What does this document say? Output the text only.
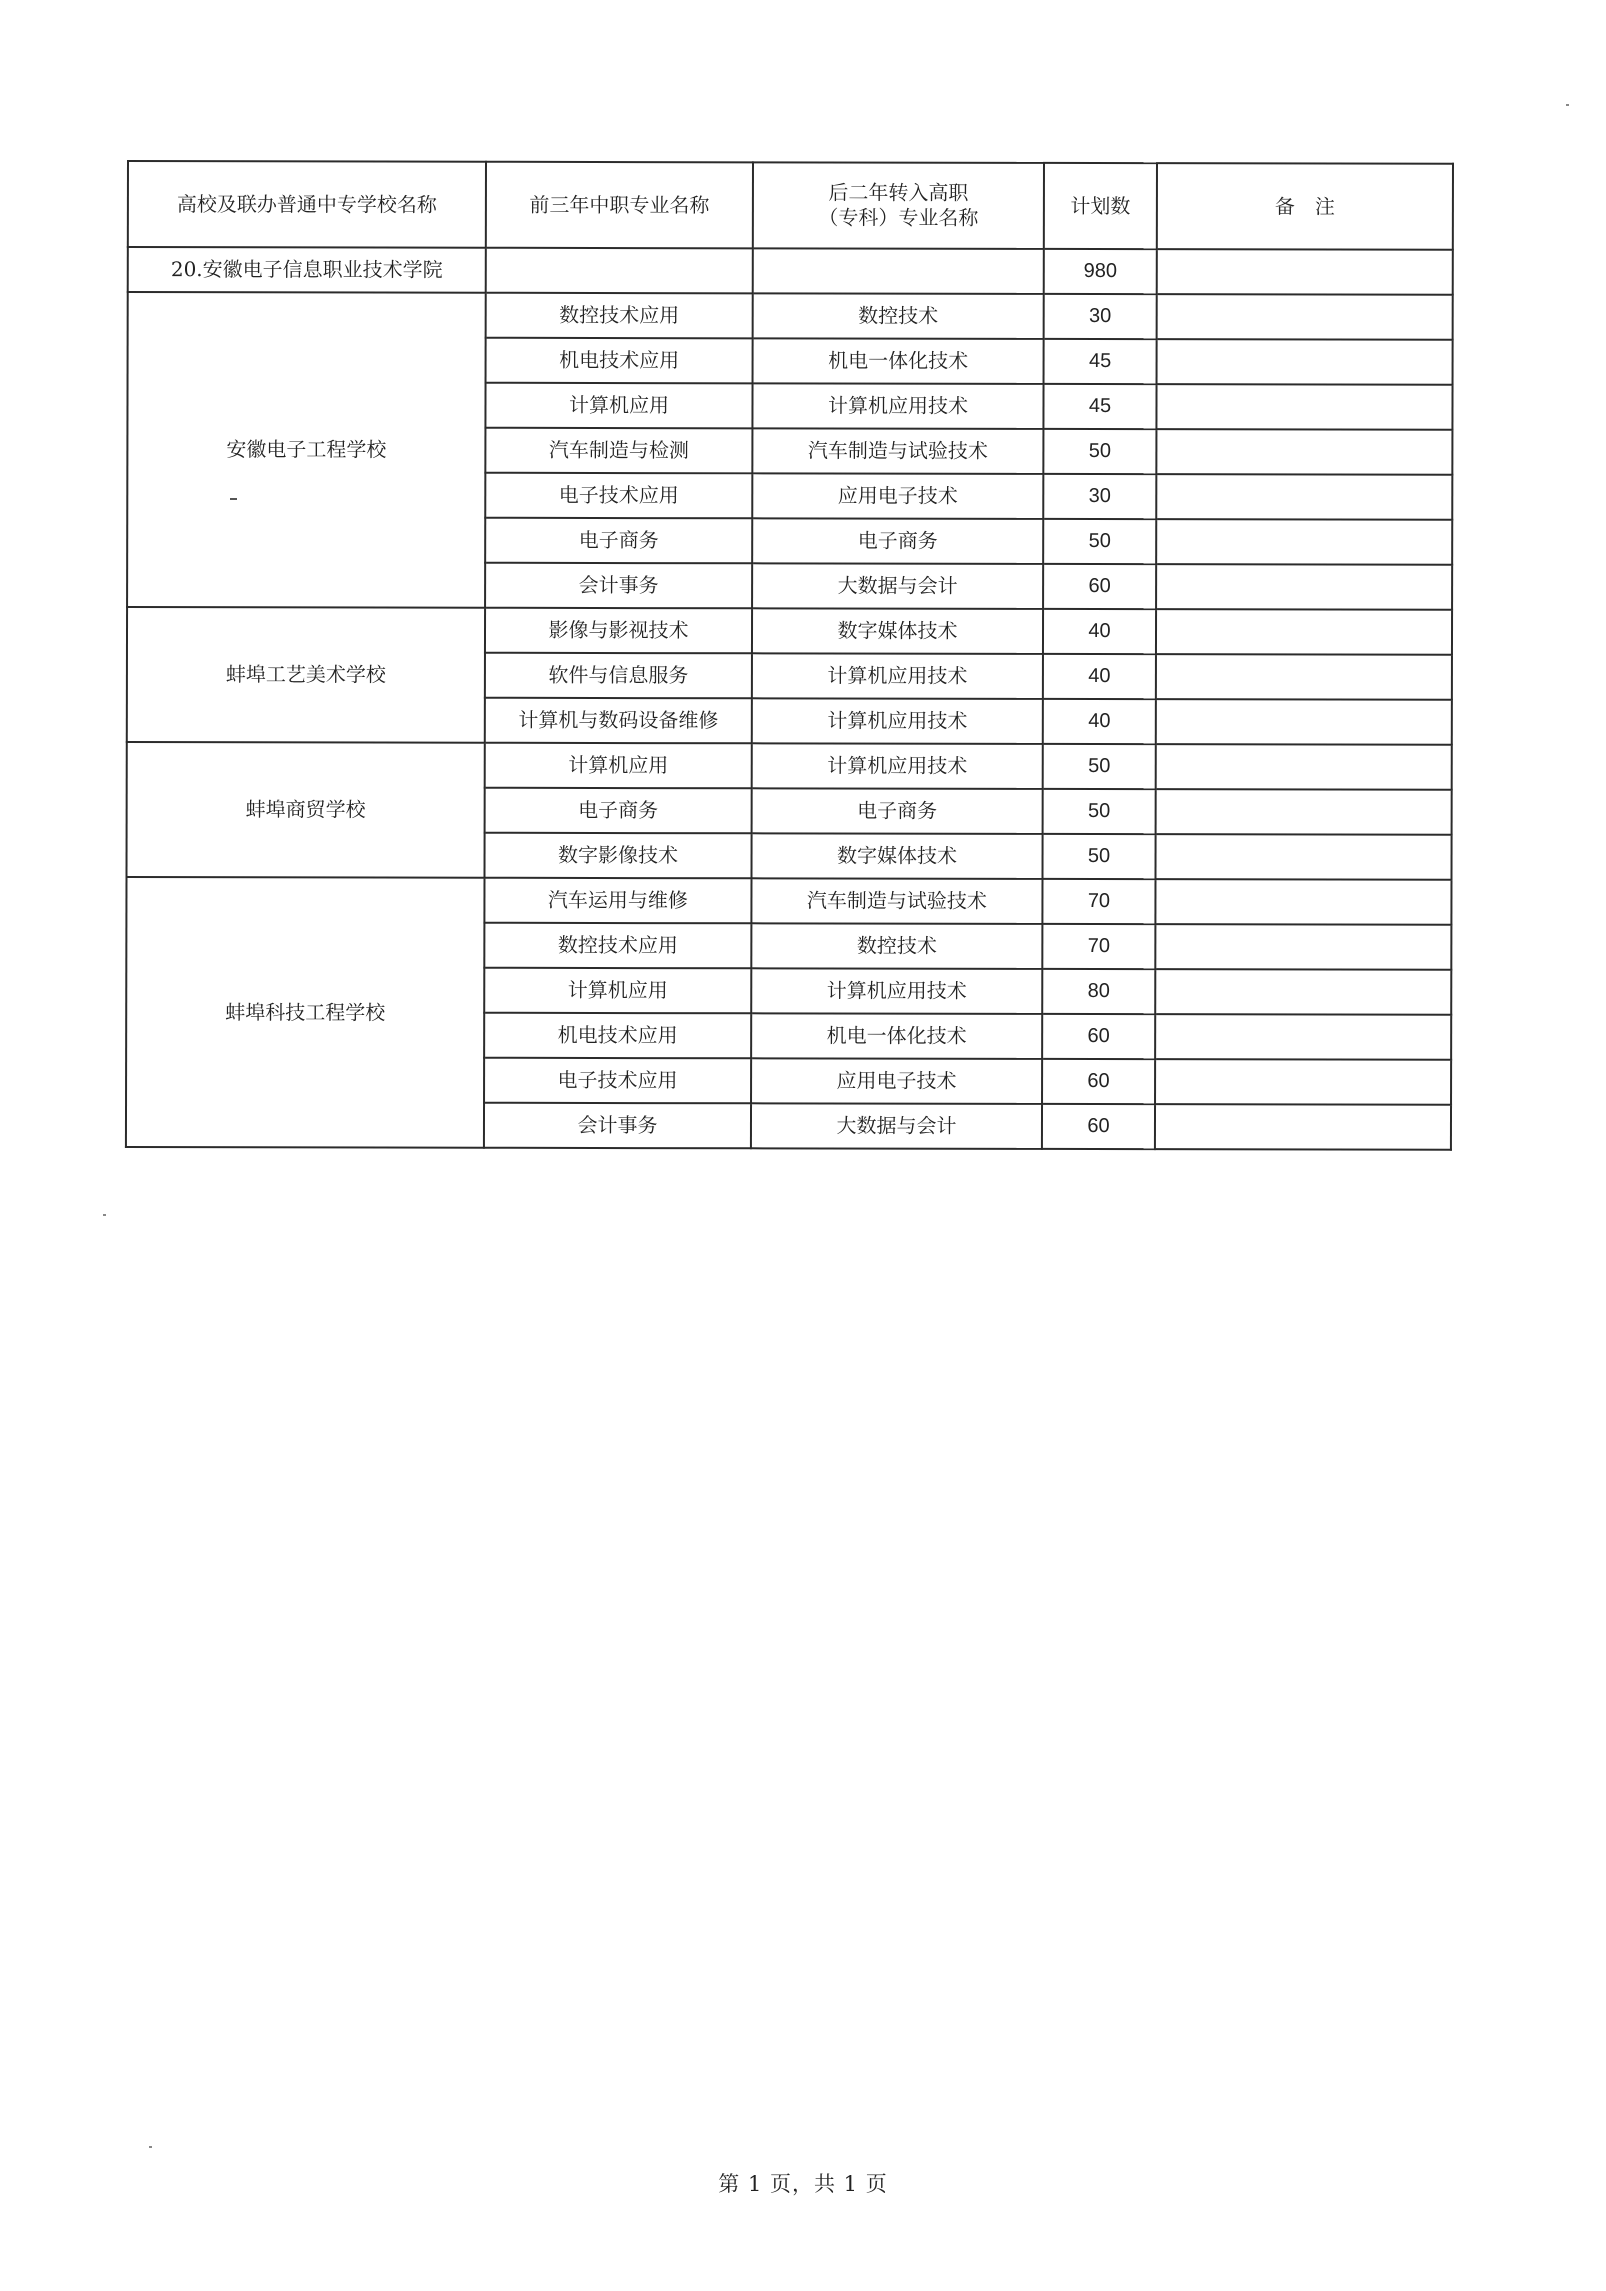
高校及联办普通中专学校名称	前三年中职专业名称	后二年转入高职
（专科）专业名称	计划数	备　注
20.安徽电子信息职业技术学院			980	
安徽电子工程学校	数控技术应用	数控技术	30	
	机电技术应用	机电一体化技术	45	
	计算机应用	计算机应用技术	45	
	汽车制造与检测	汽车制造与试验技术	50	
	电子技术应用	应用电子技术	30	
	电子商务	电子商务	50	
	会计事务	大数据与会计	60	
蚌埠工艺美术学校	影像与影视技术	数字媒体技术	40	
	软件与信息服务	计算机应用技术	40	
	计算机与数码设备维修	计算机应用技术	40	
蚌埠商贸学校	计算机应用	计算机应用技术	50	
	电子商务	电子商务	50	
	数字影像技术	数字媒体技术	50	
蚌埠科技工程学校	汽车运用与维修	汽车制造与试验技术	70	
	数控技术应用	数控技术	70	
	计算机应用	计算机应用技术	80	
	机电技术应用	机电一体化技术	60	
	电子技术应用	应用电子技术	60	
	会计事务	大数据与会计	60	
第 1 页，共 1 页
